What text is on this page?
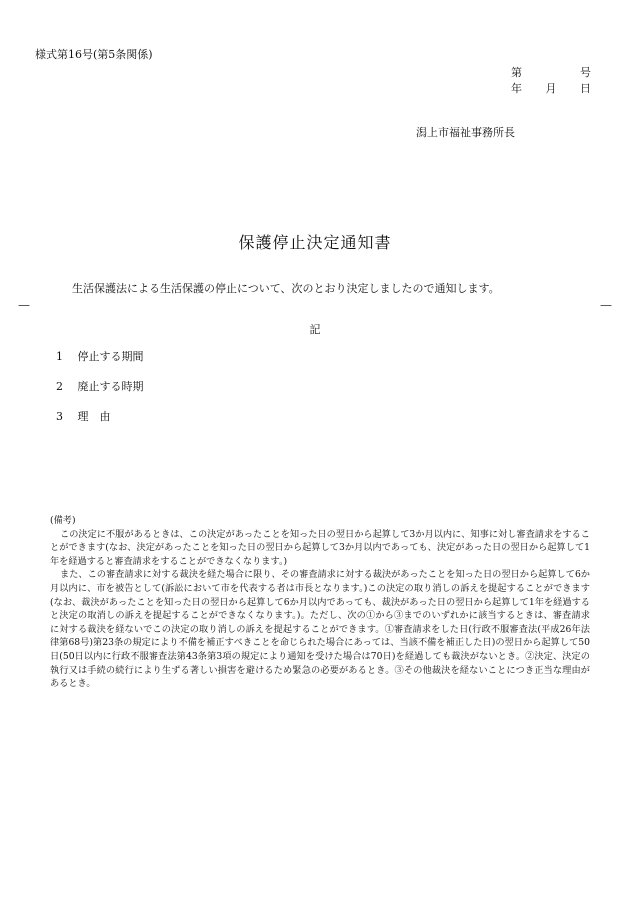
様式第16号(第5条関係)
第	号
年 月 日
潟上市福祉事務所長
保護停止決定通知書
生活保護法による生活保護の停止について、次のとおり決定しましたので通知します。
—	—
記
1 停止する期間
2 廃止する時期
3 理　由

(備考)

この決定に不服があるときは、この決定があったことを知った日の翌日から起算して3か月以内に、知事に対し審査請求をすることができます(なお、決定があったことを知った日の翌日から起算して3か月以内であっても、決定があった日の翌日から起算して1年を経過すると審査請求をすることができなくなります。)

また、この審査請求に対する裁決を経た場合に限り、その審査請求に対する裁決があったことを知った日の翌日から起算して6か月以内に、市を被告として(訴訟において市を代表する者は市長となります。)この決定の取り消しの訴えを提起することができます(なお、裁決があったことを知った日の翌日から起算して6か月以内であっても、裁決があった日の翌日から起算して1年を経過すると決定の取消しの訴えを提起することができなくなります。)。ただし、次の①から③までのいずれかに該当するときは、審査請求に対する裁決を経ないでこの決定の取り消しの訴えを提起することができます。①審査請求をした日(行政不服審査法(平成26年法律第68号)第23条の規定により不備を補正すべきことを命じられた場合にあっては、当該不備を補正した日)の翌日から起算して50日(50日以内に行政不服審査法第43条第3項の規定により通知を受けた場合は70日)を経過しても裁決がないとき。②決定、決定の執行又は手続の続行により生ずる著しい損害を避けるため緊急の必要があるとき。③その他裁決を経ないことにつき正当な理由があるとき。
